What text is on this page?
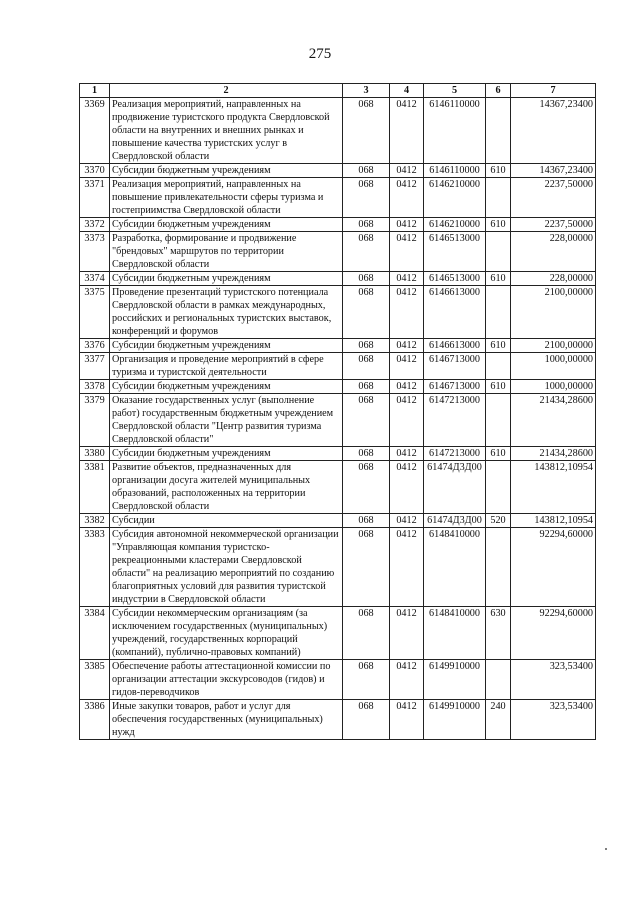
275
1	2	3	4	5	6	7
3369	Реализация мероприятий, направленных на продвижение туристского продукта Свердловской области на внутренних и внешних рынках и повышение качества туристских услуг в Свердловской области	068	0412	6146110000		14367,23400
3370	Субсидии бюджетным учреждениям	068	0412	6146110000	610	14367,23400
3371	Реализация мероприятий, направленных на повышение привлекательности сферы туризма и гостеприимства Свердловской области	068	0412	6146210000		2237,50000
3372	Субсидии бюджетным учреждениям	068	0412	6146210000	610	2237,50000
3373	Разработка, формирование и продвижение "брендовых" маршрутов по территории Свердловской области	068	0412	6146513000		228,00000
3374	Субсидии бюджетным учреждениям	068	0412	6146513000	610	228,00000
3375	Проведение презентаций туристского потенциала Свердловской области в рамках международных, российских и региональных туристских выставок, конференций и форумов	068	0412	6146613000		2100,00000
3376	Субсидии бюджетным учреждениям	068	0412	6146613000	610	2100,00000
3377	Организация и проведение мероприятий в сфере туризма и туристской деятельности	068	0412	6146713000		1000,00000
3378	Субсидии бюджетным учреждениям	068	0412	6146713000	610	1000,00000
3379	Оказание государственных услуг (выполнение работ) государственным бюджетным учреждением Свердловской области "Центр развития туризма Свердловской области"	068	0412	6147213000		21434,28600
3380	Субсидии бюджетным учреждениям	068	0412	6147213000	610	21434,28600
3381	Развитие объектов, предназначенных для организации досуга жителей муниципальных образований, расположенных на территории Свердловской области	068	0412	61474Д3Д00		143812,10954
3382	Субсидии	068	0412	61474Д3Д00	520	143812,10954
3383	Субсидия автономной некоммерческой организации "Управляющая компания туристско-рекреационными кластерами Свердловской области" на реализацию мероприятий по созданию благоприятных условий для развития туристской индустрии в Свердловской области	068	0412	6148410000		92294,60000
3384	Субсидии некоммерческим организациям (за исключением государственных (муниципальных) учреждений, государственных корпораций (компаний), публично-правовых компаний)	068	0412	6148410000	630	92294,60000
3385	Обеспечение работы аттестационной комиссии по организации аттестации экскурсоводов (гидов) и гидов-переводчиков	068	0412	6149910000		323,53400
3386	Иные закупки товаров, работ и услуг для обеспечения государственных (муниципальных) нужд	068	0412	6149910000	240	323,53400
